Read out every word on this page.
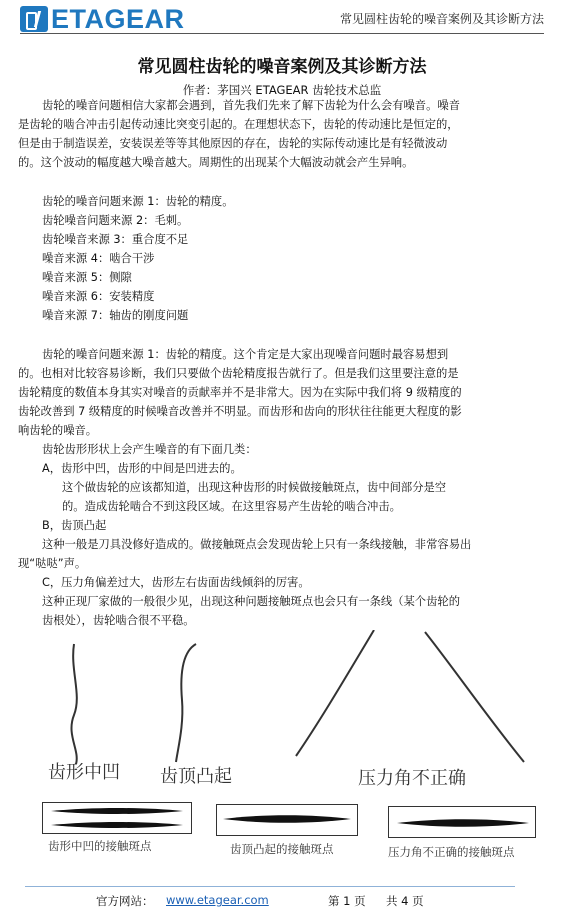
ETAGEAR	常见圆柱齿轮的噪音案例及其诊断方法
常见圆柱齿轮的噪音案例及其诊断方法
作者：茅国兴 ETAGEAR 齿轮技术总监
齿轮的噪音问题相信大家都会遇到，首先我们先来了解下齿轮为什么会有噪音。噪音
是齿轮的啮合冲击引起传动速比突变引起的。在理想状态下，齿轮的传动速比是恒定的，
但是由于制造误差，安装误差等等其他原因的存在，齿轮的实际传动速比是有轻微波动
的。这个波动的幅度越大噪音越大。周期性的出现某个大幅波动就会产生异响。
齿轮的噪音问题来源 1：齿轮的精度。
齿轮噪音问题来源 2：毛刺。
齿轮噪音来源 3：重合度不足
噪音来源 4：啮合干涉
噪音来源 5：侧隙
噪音来源 6：安装精度
噪音来源 7：轴齿的刚度问题
齿轮的噪音问题来源 1：齿轮的精度。这个肯定是大家出现噪音问题时最容易想到
的。也相对比较容易诊断，我们只要做个齿轮精度报告就行了。但是我们这里要注意的是
齿轮精度的数值本身其实对噪音的贡献率并不是非常大。因为在实际中我们将 9 级精度的
齿轮改善到 7 级精度的时候噪音改善并不明显。而齿形和齿向的形状往往能更大程度的影
响齿轮的噪音。
齿轮齿形形状上会产生噪音的有下面几类：
A，齿形中凹，齿形的中间是凹进去的。
这个做齿轮的应该都知道，出现这种齿形的时候做接触斑点，齿中间部分是空
的。造成齿轮啮合不到这段区域。在这里容易产生齿轮的啮合冲击。
B，齿顶凸起
这种一般是刀具没修好造成的。做接触斑点会发现齿轮上只有一条线接触，非常容易出
现“哒哒”声。
C，压力角偏差过大，齿形左右齿面齿线倾斜的厉害。
这种正现厂家做的一般很少见，出现这种问题接触斑点也会只有一条线（某个齿轮的
齿根处），齿轮啮合很不平稳。
齿形中凹 齿顶凸起	压力角不正确
齿形中凹的接触斑点	齿顶凸起的接触斑点	压力角不正确的接触斑点
官方网站： www.etagear.com	第 1 页 共 4 页
